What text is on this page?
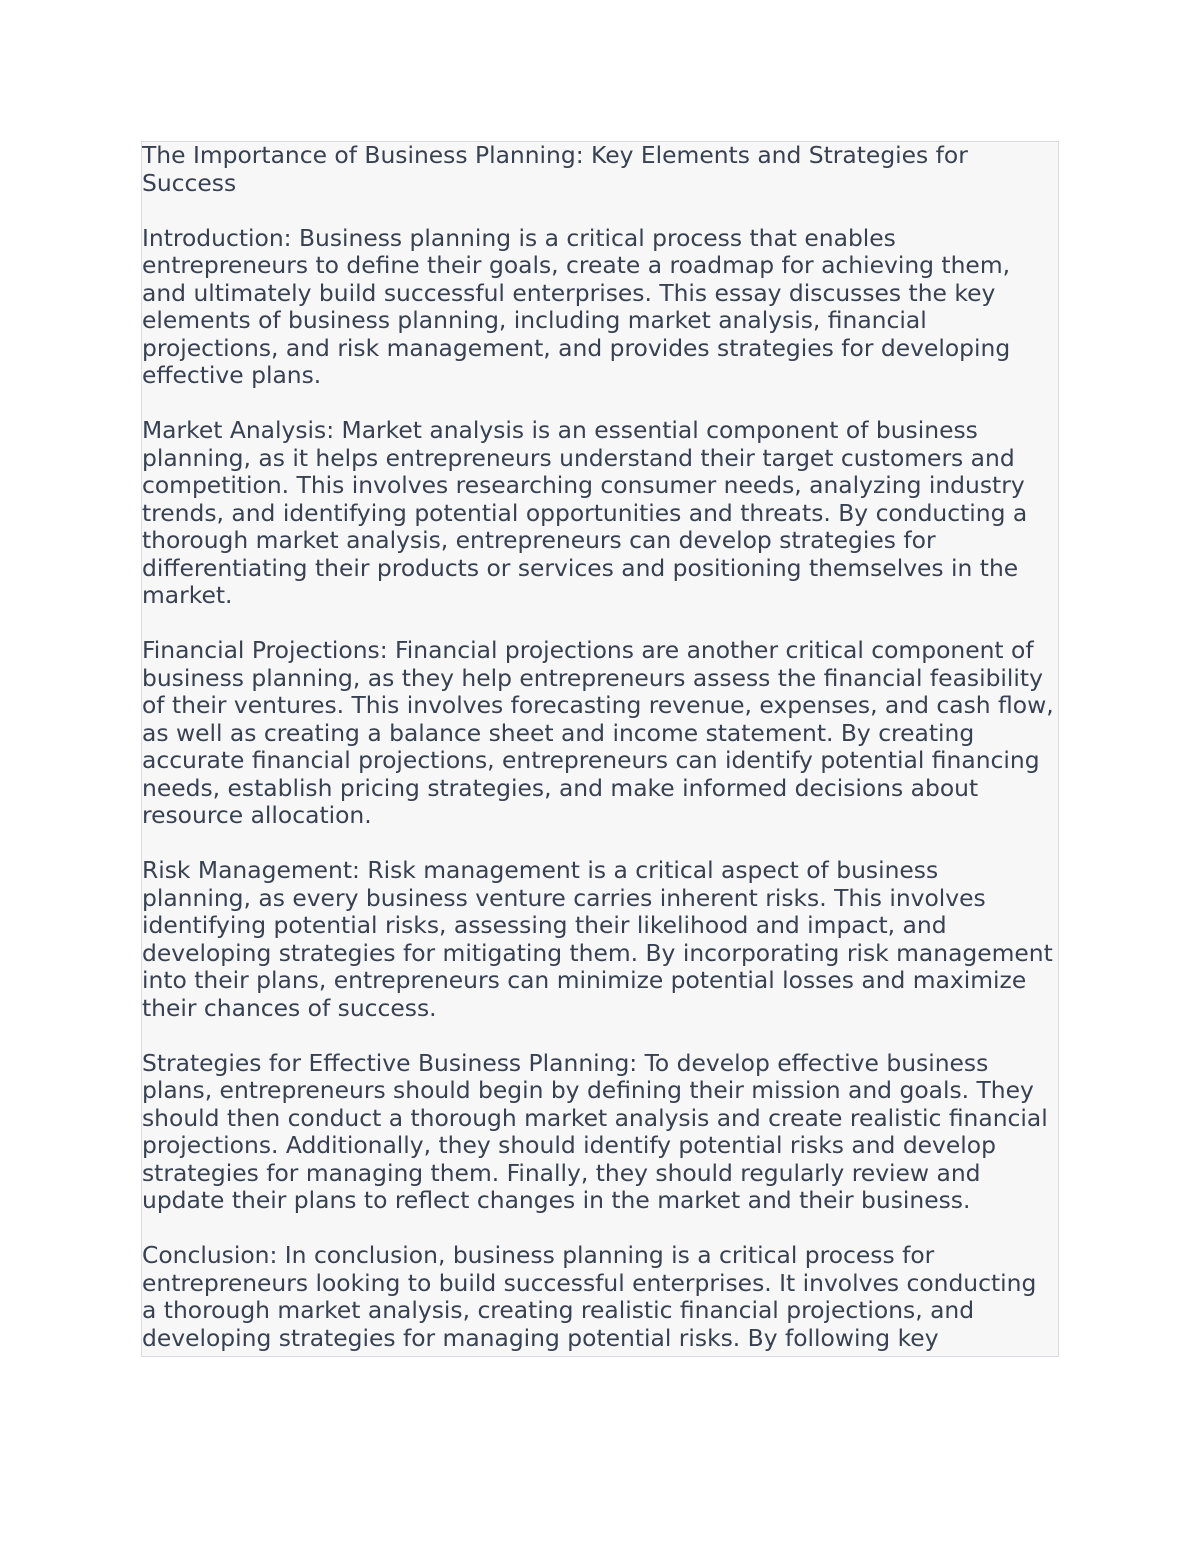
The Importance of Business Planning: Key Elements and Strategies for
Success
Introduction: Business planning is a critical process that enables
entrepreneurs to define their goals, create a roadmap for achieving them,
and ultimately build successful enterprises. This essay discusses the key
elements of business planning, including market analysis, financial
projections, and risk management, and provides strategies for developing
effective plans.
Market Analysis: Market analysis is an essential component of business
planning, as it helps entrepreneurs understand their target customers and
competition. This involves researching consumer needs, analyzing industry
trends, and identifying potential opportunities and threats. By conducting a
thorough market analysis, entrepreneurs can develop strategies for
differentiating their products or services and positioning themselves in the
market.
Financial Projections: Financial projections are another critical component of
business planning, as they help entrepreneurs assess the financial feasibility
of their ventures. This involves forecasting revenue, expenses, and cash flow,
as well as creating a balance sheet and income statement. By creating
accurate financial projections, entrepreneurs can identify potential financing
needs, establish pricing strategies, and make informed decisions about
resource allocation.
Risk Management: Risk management is a critical aspect of business
planning, as every business venture carries inherent risks. This involves
identifying potential risks, assessing their likelihood and impact, and
developing strategies for mitigating them. By incorporating risk management
into their plans, entrepreneurs can minimize potential losses and maximize
their chances of success.
Strategies for Effective Business Planning: To develop effective business
plans, entrepreneurs should begin by defining their mission and goals. They
should then conduct a thorough market analysis and create realistic financial
projections. Additionally, they should identify potential risks and develop
strategies for managing them. Finally, they should regularly review and
update their plans to reflect changes in the market and their business.
Conclusion: In conclusion, business planning is a critical process for
entrepreneurs looking to build successful enterprises. It involves conducting
a thorough market analysis, creating realistic financial projections, and
developing strategies for managing potential risks. By following key
